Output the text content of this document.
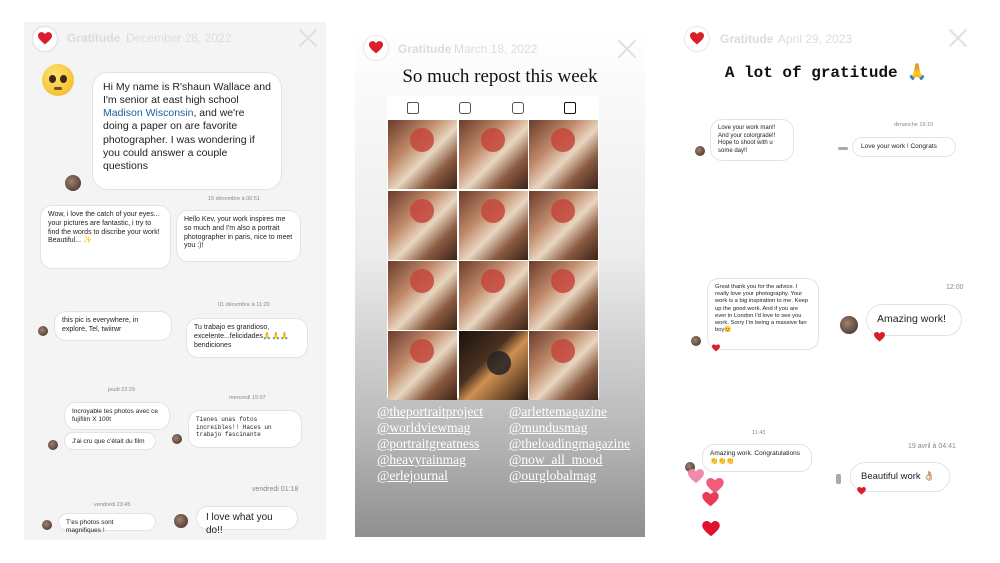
Gratitude December 28, 2022
Hi My name is R'shaun Wallace and I'm senior at east high school Madison Wisconsin, and we're doing a paper on are favorite photographer. I was wondering if you could answer a couple questions
15 décembre à 00:51
Wow, i love the catch of your eyes... your pictures are fantastic, i try to find the words to discribe your work! Beautiful... ✨
Hello Kev, your work inspires me so much and I'm also a portrait photographer in paris, nice to meet you :)!
01 décembre à 11:20
this pic is everywhere, in explore, Tel, twiirwr	Tu trabajo es grandioso, excelente...felicidades🙏🙏🙏 bendiciones
jeudi 22:29
mercredi 15:07
Incroyable tes photos avec ce fujifilm X 100t
J'ai cru que c'était du film
Tienes unas fotos increíbles!! Haces un trabajo fascinante
vendredi 01:18
I love what you do!!
vendredi 23:45
T'es photos sont magnifiques !
Gratitude March 18, 2022
So much repost this week
@theportraitproject
@worldviewmag
@portraitgreatness
@heavyrainmag
@erlejournal
@arlettemagazine
@mundusmag
@theloadingmagazine
@now_all_mood
@ourglobalmag
Gratitude April 29, 2023
A lot of gratitude 🙏
Love your work man!! And your colorgrade!! Hope to shoot with u some day!!
dimanche 19:10
Love your work ! Congrats
12:00
Great thank you for the advice. I really love your photography. Your work is a big inspiration to me. Keep up the good work. And if you are ever in London I'd love to see you work. Sorry I'm being a massive fan boy😊
Amazing work!
11:43
Amazing work. Congratulations 👏👏👏
19 avril à 04:41
Beautiful work 👌🏼
